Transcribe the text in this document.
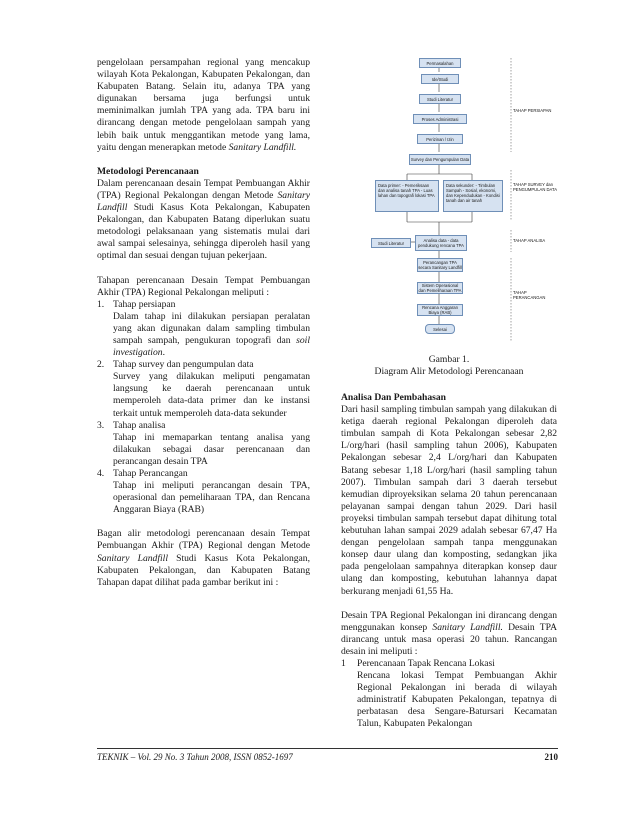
pengelolaan persampahan regional yang mencakup wilayah Kota Pekalongan, Kabupaten Pekalongan, dan Kabupaten Batang. Selain itu, adanya TPA yang digunakan bersama juga berfungsi untuk meminimalkan jumlah TPA yang ada. TPA baru ini dirancang dengan metode pengelolaan sampah yang lebih baik untuk menggantikan metode yang lama, yaitu dengan menerapkan metode Sanitary Landfill.

Metodologi Perencanaan

Dalam perencanaan desain Tempat Pembuangan Akhir (TPA) Regional Pekalongan dengan Metode Sanitary Landfill Studi Kasus Kota Pekalongan, Kabupaten Pekalongan, dan Kabupaten Batang diperlukan suatu metodologi pelaksanaan yang sistematis mulai dari awal sampai selesainya, sehingga diperoleh hasil yang optimal dan sesuai dengan tujuan pekerjaan.

Tahapan perencanaan Desain Tempat Pembuangan Akhir (TPA) Regional Pekalongan meliputi :

1. Tahap persiapan

Dalam tahap ini dilakukan persiapan peralatan yang akan digunakan dalam sampling timbulan sampah sampah, pengukuran topografi dan soil investigation.

2. Tahap survey dan pengumpulan data

Survey yang dilakukan meliputi pengamatan langsung ke daerah perencanaan untuk memperoleh data-data primer dan ke instansi terkait untuk memperoleh data-data sekunder

3. Tahap analisa

Tahap ini memaparkan tentang analisa yang dilakukan sebagai dasar perencanaan dan perancangan desain TPA

4. Tahap Perancangan

Tahap ini meliputi perancangan desain TPA, operasional dan pemeliharaan TPA, dan Rencana Anggaran Biaya (RAB)

Bagan alir metodologi perencanaan desain Tempat Pembuangan Akhir (TPA) Regional dengan Metode Sanitary Landfill Studi Kasus Kota Pekalongan, Kabupaten Pekalongan, dan Kabupaten Batang Tahapan dapat dilihat pada gambar berikut ini :

Permasalahan
Ide/Studi
Studi Literatur
Proses Administrasi
Perizinan / Izin
Survey dan Pengumpulan Data
Data primer: - Pemeriksaan dan analisa tanah TPA - Luas lahan dan topografi lokasi TPA
Data sekunder: - Timbulan Sampah - Sosial, ekonomi, dan Kependudukan - Kondisi tanah dan air tanah
Studi Literatur	Analisa data - data pendukung rencana TPA
Perancangan TPA secara Sanitary Landfill
Sistem Operasional dan Pemeliharaan TPA
Rencana Anggaran Biaya (RAB)
Selesai
TAHAP PERSIAPAN
TAHAP SURVEY dan PENGUMPULAN DATA
TAHAP ANALISA
TAHAP PERANCANGAN
Gambar 1.
Diagram Alir Metodologi Perencanaan

Analisa Dan Pembahasan

Dari hasil sampling timbulan sampah yang dilakukan di ketiga daerah regional Pekalongan diperoleh data timbulan sampah di Kota Pekalongan sebesar 2,82 L/org/hari (hasil sampling tahun 2006), Kabupaten Pekalongan sebesar 2,4 L/org/hari dan Kabupaten Batang sebesar 1,18 L/org/hari (hasil sampling tahun 2007). Timbulan sampah dari 3 daerah tersebut kemudian diproyeksikan selama 20 tahun perencanaan pelayanan sampai dengan tahun 2029. Dari hasil proyeksi timbulan sampah tersebut dapat dihitung total kebutuhan lahan sampai 2029 adalah sebesar 67,47 Ha dengan pengelolaan sampah tanpa menggunakan konsep daur ulang dan komposting, sedangkan jika pada pengelolaan sampahnya diterapkan konsep daur ulang dan komposting, kebutuhan lahannya dapat berkurang menjadi 61,55 Ha.

Desain TPA Regional Pekalongan ini dirancang dengan menggunakan konsep Sanitary Landfill. Desain TPA dirancang untuk masa operasi 20 tahun. Rancangan desain ini meliputi :

1	Perencanaan Tapak Rencana Lokasi

Rencana lokasi Tempat Pembuangan Akhir Regional Pekalongan ini berada di wilayah administratif Kabupaten Pekalongan, tepatnya di perbatasan desa Sengare-Batursari Kecamatan Talun, Kabupaten Pekalongan

TEKNIK – Vol. 29 No. 3 Tahun 2008, ISSN 0852-1697	210
